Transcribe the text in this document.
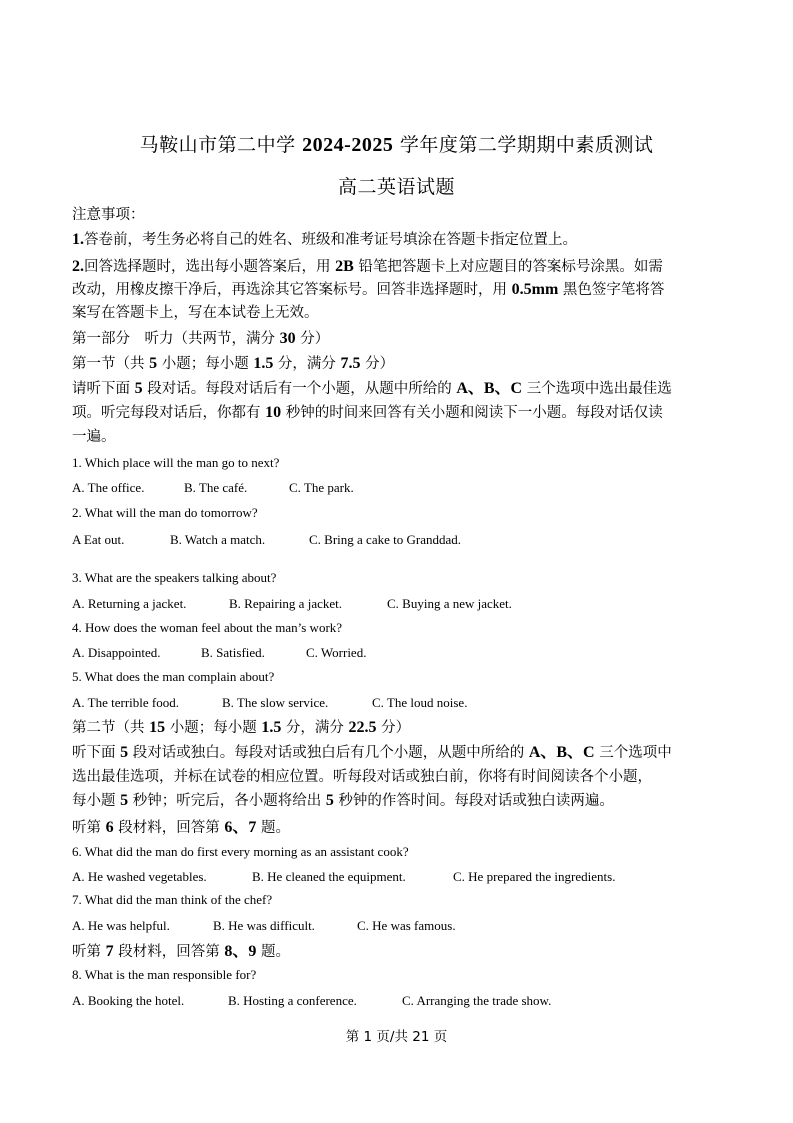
马鞍山市第二中学 2024-2025 学年度第二学期期中素质测试
高二英语试题
注意事项：
1.答卷前，考生务必将自己的姓名、班级和准考证号填涂在答题卡指定位置上。
2.回答选择题时，选出每小题答案后，用 2B 铅笔把答题卡上对应题目的答案标号涂黑。如需
改动，用橡皮擦干净后，再选涂其它答案标号。回答非选择题时，用 0.5mm 黑色签字笔将答
案写在答题卡上，写在本试卷上无效。
第一部分　听力（共两节，满分 30 分）
第一节（共 5 小题；每小题 1.5 分，满分 7.5 分）
请听下面 5 段对话。每段对话后有一个小题，从题中所给的 A、B、C 三个选项中选出最佳选
项。听完每段对话后，你都有 10 秒钟的时间来回答有关小题和阅读下一小题。每段对话仅读
一遍。
1. Which place will the man go to next?
A. The office.	B. The café.	C. The park.
2. What will the man do tomorrow?
A Eat out.	B. Watch a match.	C. Bring a cake to Granddad.
3. What are the speakers talking about?
A. Returning a jacket.	B. Repairing a jacket.	C. Buying a new jacket.
4. How does the woman feel about the man’s work?
A. Disappointed.	B. Satisfied.	C. Worried.
5. What does the man complain about?
A. The terrible food.	B. The slow service.	C. The loud noise.
第二节（共 15 小题；每小题 1.5 分，满分 22.5 分）
听下面 5 段对话或独白。每段对话或独白后有几个小题，从题中所给的 A、B、C 三个选项中
选出最佳选项，并标在试卷的相应位置。听每段对话或独白前，你将有时间阅读各个小题，
每小题 5 秒钟；听完后，各小题将给出 5 秒钟的作答时间。每段对话或独白读两遍。
听第 6 段材料，回答第 6、7 题。
6. What did the man do first every morning as an assistant cook?
A. He washed vegetables.	B. He cleaned the equipment.	C. He prepared the ingredients.
7. What did the man think of the chef?
A. He was helpful.	B. He was difficult.	C. He was famous.
听第 7 段材料，回答第 8、9 题。
8. What is the man responsible for?
A. Booking the hotel.	B. Hosting a conference.	C. Arranging the trade show.
第 1 页/共 21 页
